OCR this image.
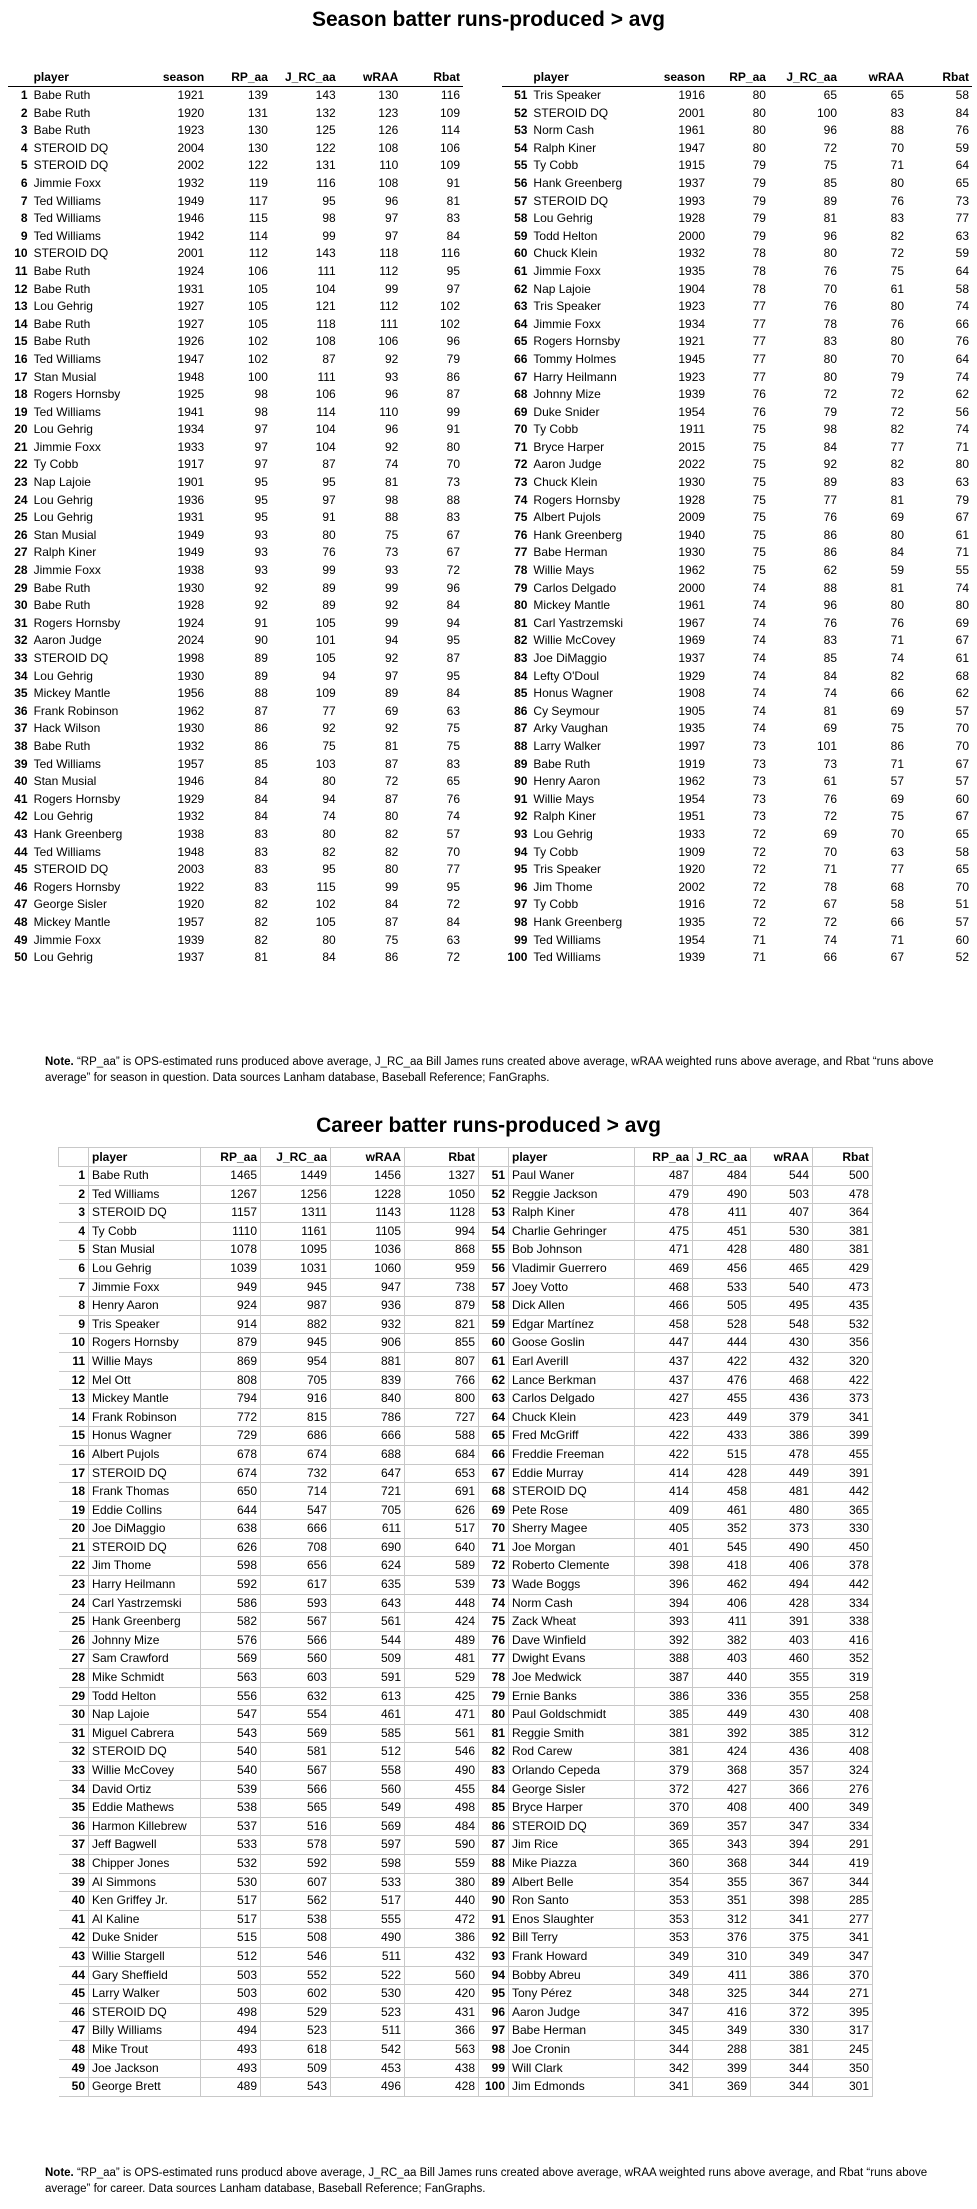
Season batter runs-produced > avg
	player	season	RP_aa	J_RC_aa	wRAA	Rbat
1	Babe Ruth	1921	139	143	130	116
2	Babe Ruth	1920	131	132	123	109
3	Babe Ruth	1923	130	125	126	114
4	STEROID DQ	2004	130	122	108	106
5	STEROID DQ	2002	122	131	110	109
6	Jimmie Foxx	1932	119	116	108	91
7	Ted Williams	1949	117	95	96	81
8	Ted Williams	1946	115	98	97	83
9	Ted Williams	1942	114	99	97	84
10	STEROID DQ	2001	112	143	118	116
11	Babe Ruth	1924	106	111	112	95
12	Babe Ruth	1931	105	104	99	97
13	Lou Gehrig	1927	105	121	112	102
14	Babe Ruth	1927	105	118	111	102
15	Babe Ruth	1926	102	108	106	96
16	Ted Williams	1947	102	87	92	79
17	Stan Musial	1948	100	111	93	86
18	Rogers Hornsby	1925	98	106	96	87
19	Ted Williams	1941	98	114	110	99
20	Lou Gehrig	1934	97	104	96	91
21	Jimmie Foxx	1933	97	104	92	80
22	Ty Cobb	1917	97	87	74	70
23	Nap Lajoie	1901	95	95	81	73
24	Lou Gehrig	1936	95	97	98	88
25	Lou Gehrig	1931	95	91	88	83
26	Stan Musial	1949	93	80	75	67
27	Ralph Kiner	1949	93	76	73	67
28	Jimmie Foxx	1938	93	99	93	72
29	Babe Ruth	1930	92	89	99	96
30	Babe Ruth	1928	92	89	92	84
31	Rogers Hornsby	1924	91	105	99	94
32	Aaron Judge	2024	90	101	94	95
33	STEROID DQ	1998	89	105	92	87
34	Lou Gehrig	1930	89	94	97	95
35	Mickey Mantle	1956	88	109	89	84
36	Frank Robinson	1962	87	77	69	63
37	Hack Wilson	1930	86	92	92	75
38	Babe Ruth	1932	86	75	81	75
39	Ted Williams	1957	85	103	87	83
40	Stan Musial	1946	84	80	72	65
41	Rogers Hornsby	1929	84	94	87	76
42	Lou Gehrig	1932	84	74	80	74
43	Hank Greenberg	1938	83	80	82	57
44	Ted Williams	1948	83	82	82	70
45	STEROID DQ	2003	83	95	80	77
46	Rogers Hornsby	1922	83	115	99	95
47	George Sisler	1920	82	102	84	72
48	Mickey Mantle	1957	82	105	87	84
49	Jimmie Foxx	1939	82	80	75	63
50	Lou Gehrig	1937	81	84	86	72
	player	season	RP_aa	J_RC_aa	wRAA	Rbat
51	Tris Speaker	1916	80	65	65	58
52	STEROID DQ	2001	80	100	83	84
53	Norm Cash	1961	80	96	88	76
54	Ralph Kiner	1947	80	72	70	59
55	Ty Cobb	1915	79	75	71	64
56	Hank Greenberg	1937	79	85	80	65
57	STEROID DQ	1993	79	89	76	73
58	Lou Gehrig	1928	79	81	83	77
59	Todd Helton	2000	79	96	82	63
60	Chuck Klein	1932	78	80	72	59
61	Jimmie Foxx	1935	78	76	75	64
62	Nap Lajoie	1904	78	70	61	58
63	Tris Speaker	1923	77	76	80	74
64	Jimmie Foxx	1934	77	78	76	66
65	Rogers Hornsby	1921	77	83	80	76
66	Tommy Holmes	1945	77	80	70	64
67	Harry Heilmann	1923	77	80	79	74
68	Johnny Mize	1939	76	72	72	62
69	Duke Snider	1954	76	79	72	56
70	Ty Cobb	1911	75	98	82	74
71	Bryce Harper	2015	75	84	77	71
72	Aaron Judge	2022	75	92	82	80
73	Chuck Klein	1930	75	89	83	63
74	Rogers Hornsby	1928	75	77	81	79
75	Albert Pujols	2009	75	76	69	67
76	Hank Greenberg	1940	75	86	80	61
77	Babe Herman	1930	75	86	84	71
78	Willie Mays	1962	75	62	59	55
79	Carlos Delgado	2000	74	88	81	74
80	Mickey Mantle	1961	74	96	80	80
81	Carl Yastrzemski	1967	74	76	76	69
82	Willie McCovey	1969	74	83	71	67
83	Joe DiMaggio	1937	74	85	74	61
84	Lefty O'Doul	1929	74	84	82	68
85	Honus Wagner	1908	74	74	66	62
86	Cy Seymour	1905	74	81	69	57
87	Arky Vaughan	1935	74	69	75	70
88	Larry Walker	1997	73	101	86	70
89	Babe Ruth	1919	73	73	71	67
90	Henry Aaron	1962	73	61	57	57
91	Willie Mays	1954	73	76	69	60
92	Ralph Kiner	1951	73	72	75	67
93	Lou Gehrig	1933	72	69	70	65
94	Ty Cobb	1909	72	70	63	58
95	Tris Speaker	1920	72	71	77	65
96	Jim Thome	2002	72	78	68	70
97	Ty Cobb	1916	72	67	58	51
98	Hank Greenberg	1935	72	72	66	57
99	Ted Williams	1954	71	74	71	60
100	Ted Williams	1939	71	66	67	52
Note. “RP_aa” is OPS-estimated runs produced above average, J_RC_aa Bill James runs created above average, wRAA weighted runs above average, and Rbat “runs above average” for season in question. Data sources Lanham database, Baseball Reference; FanGraphs.
Career batter runs-produced > avg
	player	RP_aa	J_RC_aa	wRAA	Rbat
1	Babe Ruth	1465	1449	1456	1327
2	Ted Williams	1267	1256	1228	1050
3	STEROID DQ	1157	1311	1143	1128
4	Ty Cobb	1110	1161	1105	994
5	Stan Musial	1078	1095	1036	868
6	Lou Gehrig	1039	1031	1060	959
7	Jimmie Foxx	949	945	947	738
8	Henry Aaron	924	987	936	879
9	Tris Speaker	914	882	932	821
10	Rogers Hornsby	879	945	906	855
11	Willie Mays	869	954	881	807
12	Mel Ott	808	705	839	766
13	Mickey Mantle	794	916	840	800
14	Frank Robinson	772	815	786	727
15	Honus Wagner	729	686	666	588
16	Albert Pujols	678	674	688	684
17	STEROID DQ	674	732	647	653
18	Frank Thomas	650	714	721	691
19	Eddie Collins	644	547	705	626
20	Joe DiMaggio	638	666	611	517
21	STEROID DQ	626	708	690	640
22	Jim Thome	598	656	624	589
23	Harry Heilmann	592	617	635	539
24	Carl Yastrzemski	586	593	643	448
25	Hank Greenberg	582	567	561	424
26	Johnny Mize	576	566	544	489
27	Sam Crawford	569	560	509	481
28	Mike Schmidt	563	603	591	529
29	Todd Helton	556	632	613	425
30	Nap Lajoie	547	554	461	471
31	Miguel Cabrera	543	569	585	561
32	STEROID DQ	540	581	512	546
33	Willie McCovey	540	567	558	490
34	David Ortiz	539	566	560	455
35	Eddie Mathews	538	565	549	498
36	Harmon Killebrew	537	516	569	484
37	Jeff Bagwell	533	578	597	590
38	Chipper Jones	532	592	598	559
39	Al Simmons	530	607	533	380
40	Ken Griffey Jr.	517	562	517	440
41	Al Kaline	517	538	555	472
42	Duke Snider	515	508	490	386
43	Willie Stargell	512	546	511	432
44	Gary Sheffield	503	552	522	560
45	Larry Walker	503	602	530	420
46	STEROID DQ	498	529	523	431
47	Billy Williams	494	523	511	366
48	Mike Trout	493	618	542	563
49	Joe Jackson	493	509	453	438
50	George Brett	489	543	496	428
	player	RP_aa	J_RC_aa	wRAA	Rbat
51	Paul Waner	487	484	544	500
52	Reggie Jackson	479	490	503	478
53	Ralph Kiner	478	411	407	364
54	Charlie Gehringer	475	451	530	381
55	Bob Johnson	471	428	480	381
56	Vladimir Guerrero	469	456	465	429
57	Joey Votto	468	533	540	473
58	Dick Allen	466	505	495	435
59	Edgar Martínez	458	528	548	532
60	Goose Goslin	447	444	430	356
61	Earl Averill	437	422	432	320
62	Lance Berkman	437	476	468	422
63	Carlos Delgado	427	455	436	373
64	Chuck Klein	423	449	379	341
65	Fred McGriff	422	433	386	399
66	Freddie Freeman	422	515	478	455
67	Eddie Murray	414	428	449	391
68	STEROID DQ	414	458	481	442
69	Pete Rose	409	461	480	365
70	Sherry Magee	405	352	373	330
71	Joe Morgan	401	545	490	450
72	Roberto Clemente	398	418	406	378
73	Wade Boggs	396	462	494	442
74	Norm Cash	394	406	428	334
75	Zack Wheat	393	411	391	338
76	Dave Winfield	392	382	403	416
77	Dwight Evans	388	403	460	352
78	Joe Medwick	387	440	355	319
79	Ernie Banks	386	336	355	258
80	Paul Goldschmidt	385	449	430	408
81	Reggie Smith	381	392	385	312
82	Rod Carew	381	424	436	408
83	Orlando Cepeda	379	368	357	324
84	George Sisler	372	427	366	276
85	Bryce Harper	370	408	400	349
86	STEROID DQ	369	357	347	334
87	Jim Rice	365	343	394	291
88	Mike Piazza	360	368	344	419
89	Albert Belle	354	355	367	344
90	Ron Santo	353	351	398	285
91	Enos Slaughter	353	312	341	277
92	Bill Terry	353	376	375	341
93	Frank Howard	349	310	349	347
94	Bobby Abreu	349	411	386	370
95	Tony Pérez	348	325	344	271
96	Aaron Judge	347	416	372	395
97	Babe Herman	345	349	330	317
98	Joe Cronin	344	288	381	245
99	Will Clark	342	399	344	350
100	Jim Edmonds	341	369	344	301
Note. “RP_aa” is OPS-estimated runs producd above average, J_RC_aa Bill James runs created above average, wRAA weighted runs above average, and Rbat “runs above average” for career. Data sources Lanham database, Baseball Reference; FanGraphs.
